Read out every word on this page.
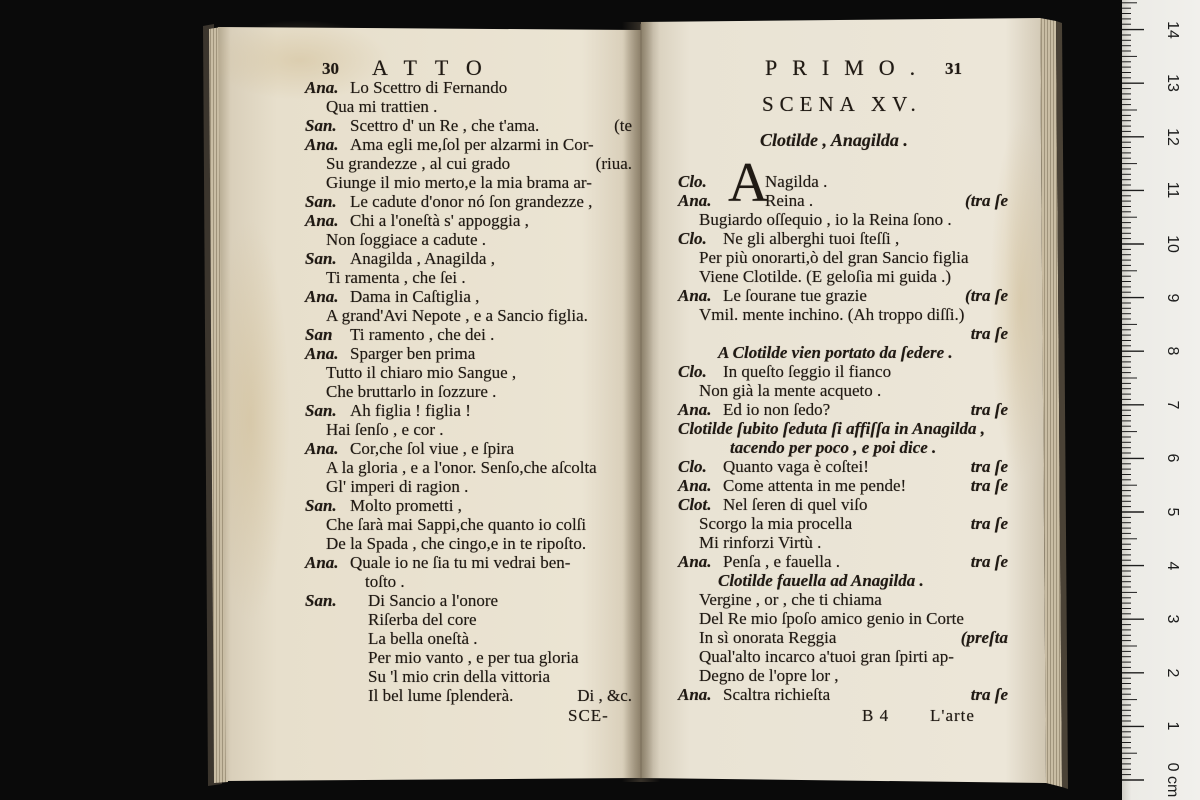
30 ATTO
Ana. Lo Scettro di Fernando
Qua mi trattien .
San. Scettro d' un Re , che t'ama.	(te
Ana. Ama egli me,ſol per alzarmi in Cor-
Su grandezze , al cui grado	(riua.
Giunge il mio merto,e la mia brama ar-
San. Le cadute d'onor nó ſon grandezze ,
Ana. Chi a l'oneſtà s' appoggia ,
Non ſoggiace a cadute .
San. Anagilda , Anagilda ,
Ti ramenta , che ſei .
Ana. Dama in Caſtiglia ,
A grand'Avi Nepote , e a Sancio figlia.
San Ti ramento , che dei .
Ana. Sparger ben prima
Tutto il chiaro mio Sangue ,
Che bruttarlo in ſozzure .
San. Ah figlia ! figlia !
Hai ſenſo , e cor .
Ana. Cor,che ſol viue , e ſpira
A la gloria , e a l'onor. Senſo,che aſcolta
Gl' imperi di ragion .
San. Molto prometti ,
Che ſarà mai Sappi,che quanto io colſi
De la Spada , che cingo,e in te ripoſto.
Ana. Quale io ne ſia tu mi vedrai ben-
toſto .
San. Di Sancio a l'onore
Riſerba del core
La bella oneſtà .
Per mio vanto , e per tua gloria
Su 'l mio crin della vittoria
Il bel lume ſplenderà.	Di , &c.
SCE-
PRIMO. 31
SCENA XV.
Clotilde , Anagilda .
A
Clo.	Nagilda .
Ana.	Reina .	(tra ſe
Bugiardo oſſequio , io la Reina ſono .
Clo. Ne gli alberghi tuoi ſteſſi ,
Per più onorarti,ò del gran Sancio figlia
Viene Clotilde. (E geloſia mi guida .)
Ana. Le ſourane tue grazie	(tra ſe
Vmil. mente inchino. (Ah troppo diſſi.)
tra ſe
A Clotilde vien portato da ſedere .
Clo. In queſto ſeggio il fianco
Non già la mente acqueto .
Ana. Ed io non ſedo?	tra ſe
Clotilde ſubito ſeduta ſi affiſſa in Anagilda ,
tacendo per poco , e poi dice .
Clo. Quanto vaga è coſtei!	tra ſe
Ana. Come attenta in me pende!	tra ſe
Clot. Nel ſeren di quel viſo
Scorgo la mia procella	tra ſe
Mi rinforzi Virtù .
Ana. Penſa , e fauella .	tra ſe
Clotilde fauella ad Anagilda .
Vergine , or , che ti chiama
Del Re mio ſpoſo amico genio in Corte
In sì onorata Reggia	(preſta
Qual'alto incarco a'tuoi gran ſpirti ap-
Degno de l'opre lor ,
Ana. Scaltra richieſta	tra ſe
B 4 L'arte
14
13
12
11
10
9
8
7
6
5
4
3
2
1
0 cm
